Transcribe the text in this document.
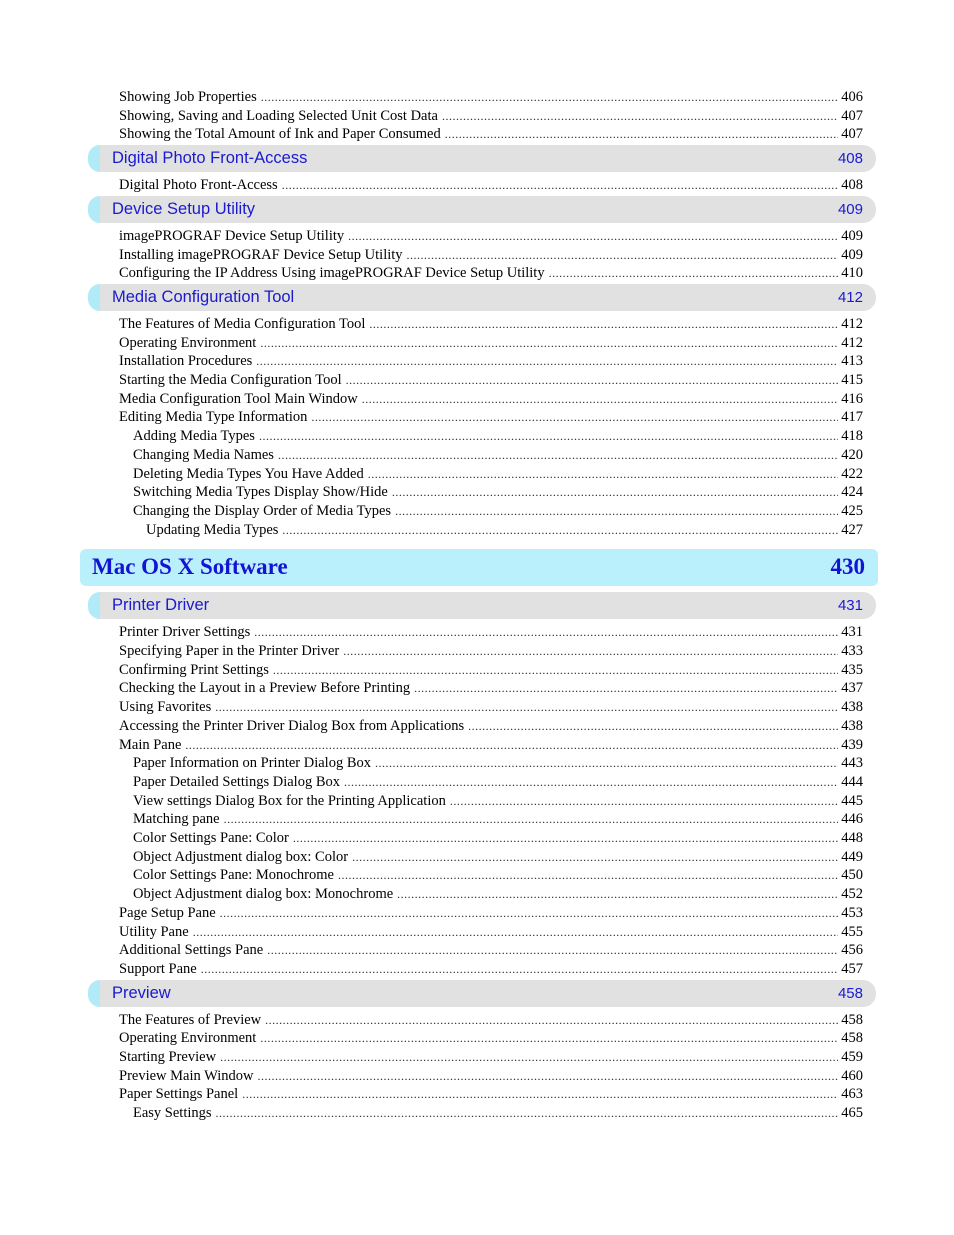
Showing Job Properties .....	406
Showing, Saving and Loading Selected Unit Cost Data .....	407
Showing the Total Amount of Ink and Paper Consumed .....	407
Digital Photo Front-Access	408
Digital Photo Front-Access .....	408
Device Setup Utility	409
imagePROGRAF Device Setup Utility .....	409
Installing imagePROGRAF Device Setup Utility .....	409
Configuring the IP Address Using imagePROGRAF Device Setup Utility .....	410
Media Configuration Tool	412
The Features of Media Configuration Tool .....	412
Operating Environment .....	412
Installation Procedures .....	413
Starting the Media Configuration Tool .....	415
Media Configuration Tool Main Window .....	416
Editing Media Type Information .....	417
Adding Media Types .....	418
Changing Media Names .....	420
Deleting Media Types You Have Added .....	422
Switching Media Types Display Show/Hide .....	424
Changing the Display Order of Media Types .....	425
Updating Media Types .....	427
Mac OS X Software	430
Printer Driver	431
Printer Driver Settings .....	431
Specifying Paper in the Printer Driver .....	433
Confirming Print Settings .....	435
Checking the Layout in a Preview Before Printing .....	437
Using Favorites .....	438
Accessing the Printer Driver Dialog Box from Applications .....	438
Main Pane .....	439
Paper Information on Printer Dialog Box .....	443
Paper Detailed Settings Dialog Box .....	444
View settings Dialog Box for the Printing Application .....	445
Matching pane .....	446
Color Settings Pane: Color .....	448
Object Adjustment dialog box: Color .....	449
Color Settings Pane: Monochrome .....	450
Object Adjustment dialog box: Monochrome .....	452
Page Setup Pane .....	453
Utility Pane .....	455
Additional Settings Pane .....	456
Support Pane .....	457
Preview	458
The Features of Preview .....	458
Operating Environment .....	458
Starting Preview .....	459
Preview Main Window .....	460
Paper Settings Panel .....	463
Easy Settings .....	465
